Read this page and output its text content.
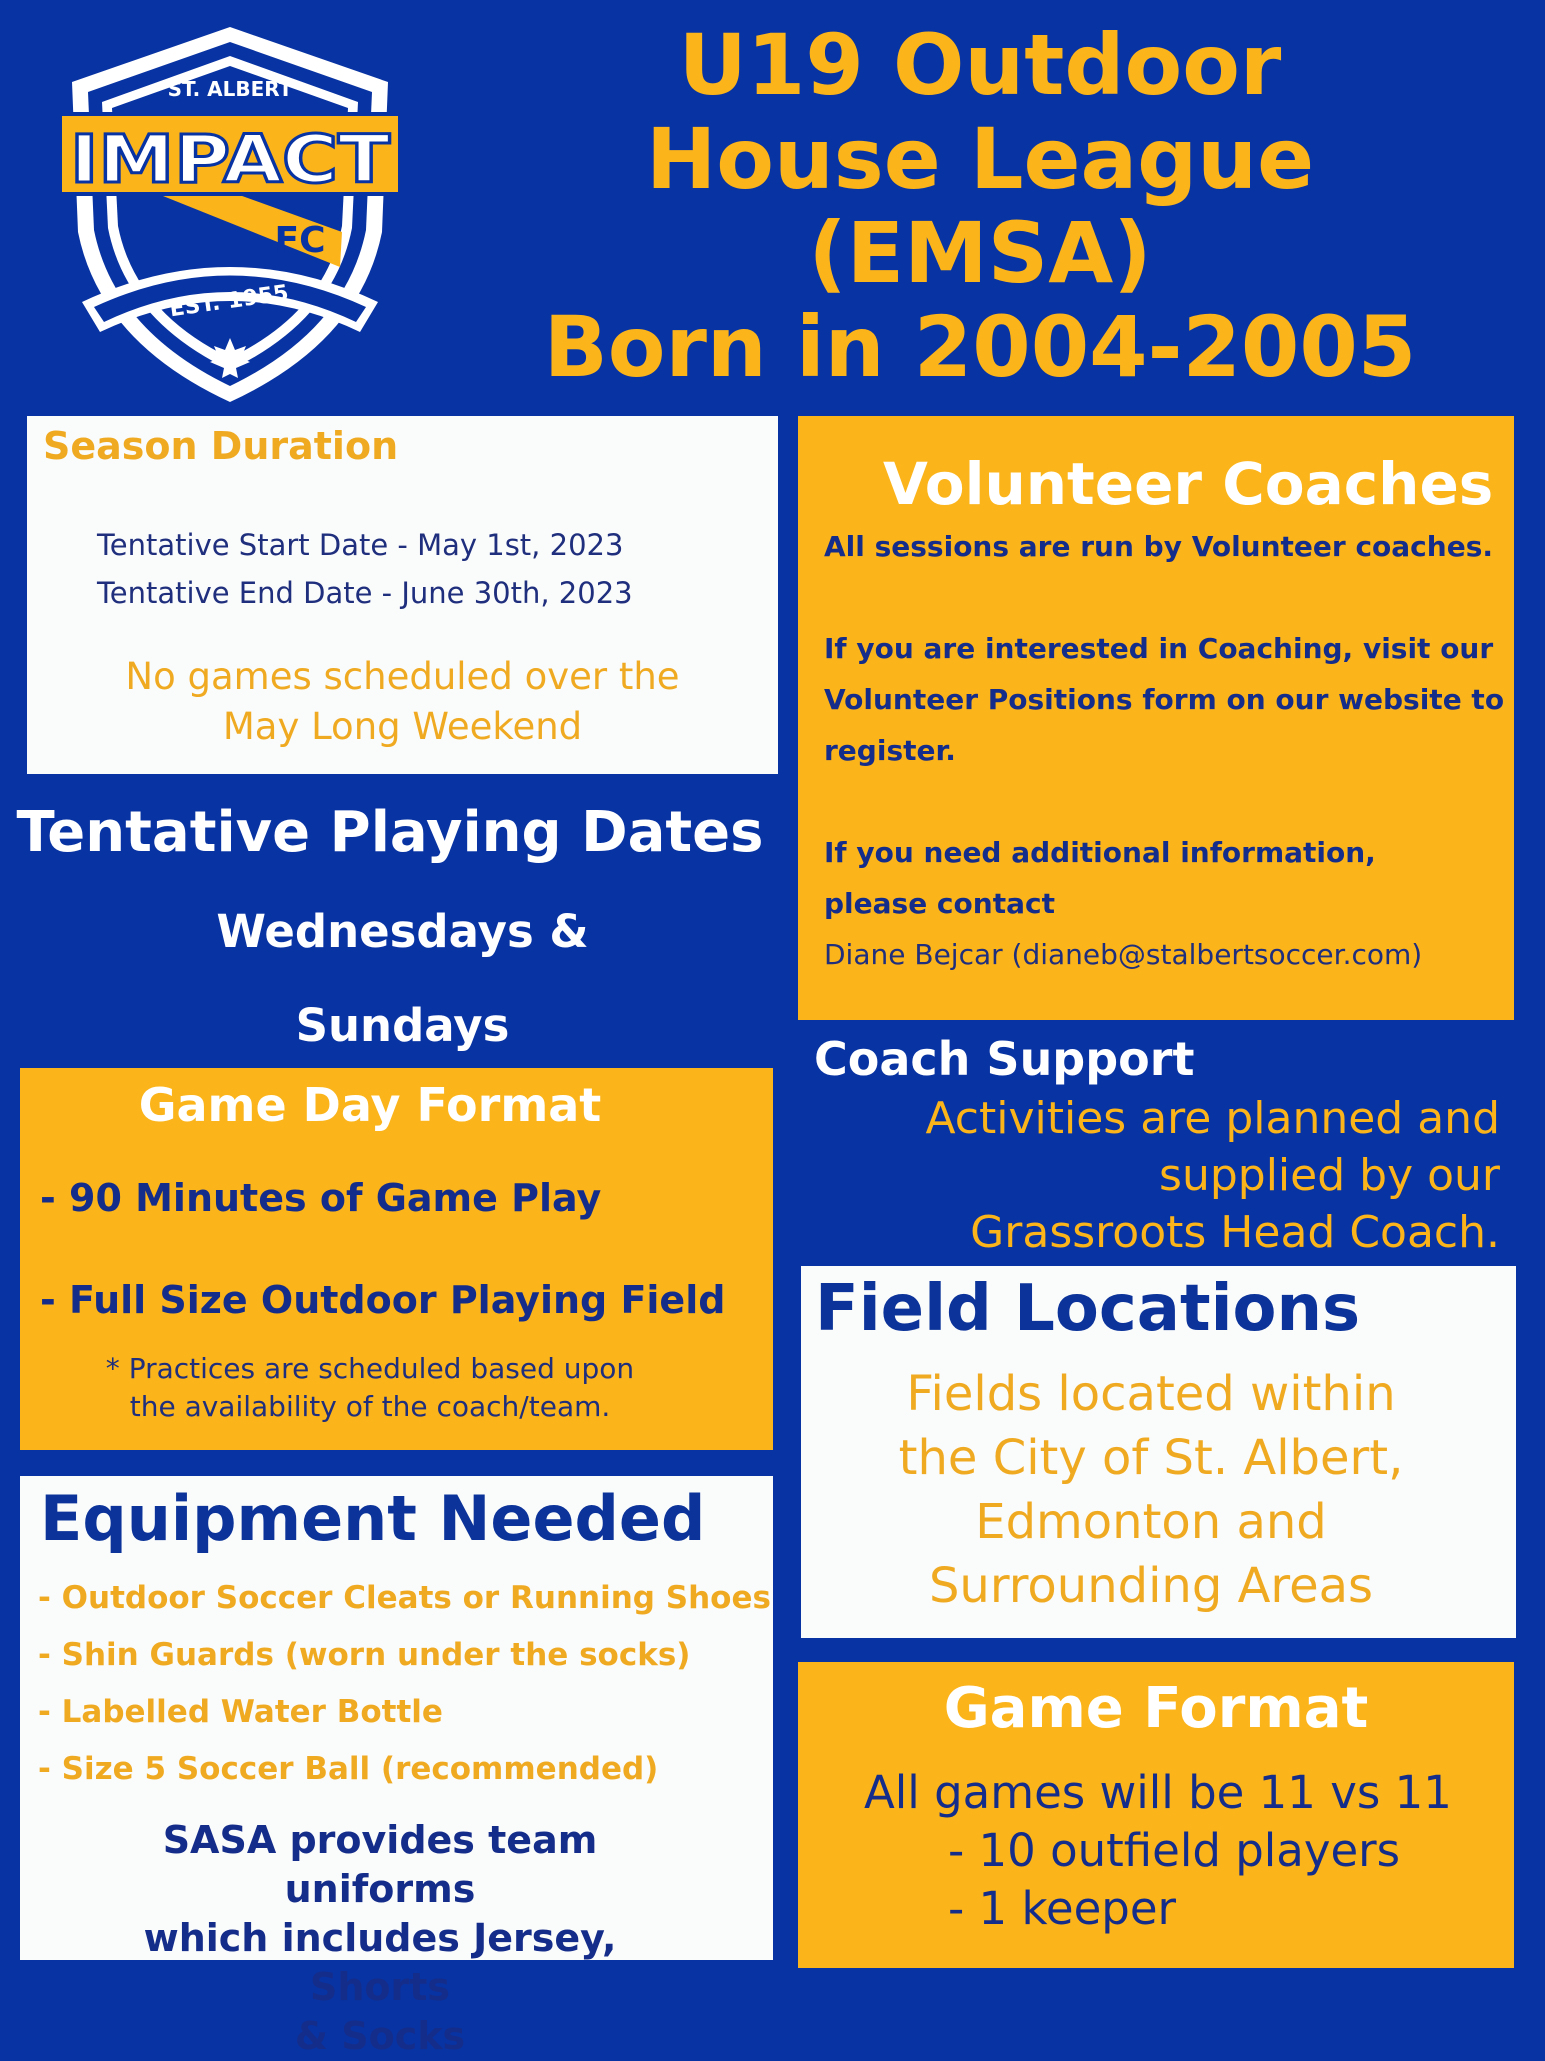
ST. ALBERT
IMPACT
FC
EST. 1955
U19 Outdoor
House League
(EMSA)
Born in 2004-2005
Season Duration
Tentative Start Date - May 1st, 2023
Tentative End Date - June 30th, 2023
No games scheduled over the
May Long Weekend
Tentative Playing Dates
Wednesdays &
Sundays
Game Day Format
- 90 Minutes of Game Play
- Full Size Outdoor Playing Field
* Practices are scheduled based upon
the availability of the coach/team.
Equipment Needed
- Outdoor Soccer Cleats or Running Shoes
- Shin Guards (worn under the socks)
- Labelled Water Bottle
- Size 5 Soccer Ball (recommended)
SASA provides team uniforms
which includes Jersey, Shorts
& Socks
Volunteer Coaches
All sessions are run by Volunteer coaches.
If you are interested in Coaching, visit our
Volunteer Positions form on our website to
register.
If you need additional information,
please contact
Diane Bejcar (dianeb@stalbertsoccer.com)
Coach Support
Activities are planned and
supplied by our
Grassroots Head Coach.
Field Locations
Fields located within
the City of St. Albert,
Edmonton and
Surrounding Areas
Game Format
All games will be 11 vs 11
- 10 outfield players
- 1 keeper
